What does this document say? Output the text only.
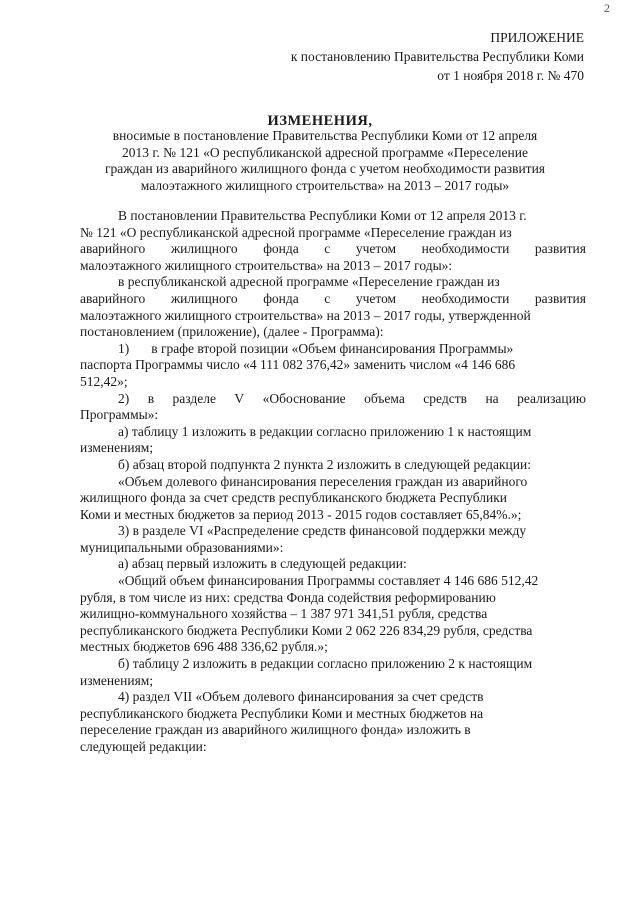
2
ПРИЛОЖЕНИЕ
к постановлению Правительства Республики Коми
от 1 ноября 2018 г. № 470
ИЗМЕНЕНИЯ,
вносимые в постановление Правительства Республики Коми от 12 апреля
2013 г. № 121 «О республиканской адресной программе «Переселение
граждан из аварийного жилищного фонда с учетом необходимости развития
малоэтажного жилищного строительства» на 2013 – 2017 годы»
В постановлении Правительства Республики Коми от 12 апреля 2013 г.
№ 121 «О республиканской адресной программе «Переселение граждан из
аварийного жилищного фонда с учетом необходимости развития
малоэтажного жилищного строительства» на 2013 – 2017 годы»:
в республиканской адресной программе «Переселение граждан из
аварийного жилищного фонда с учетом необходимости развития
малоэтажного жилищного строительства» на 2013 – 2017 годы, утвержденной
постановлением (приложение), (далее - Программа):
1) в графе второй позиции «Объем финансирования Программы»
паспорта Программы число «4 111 082 376,42» заменить числом «4 146 686
512,42»;
2) в разделе V «Обоснование объема средств на реализацию
Программы»:
а) таблицу 1 изложить в редакции согласно приложению 1 к настоящим
изменениям;
б) абзац второй подпункта 2 пункта 2 изложить в следующей редакции:
«Объем долевого финансирования переселения граждан из аварийного
жилищного фонда за счет средств республиканского бюджета Республики
Коми и местных бюджетов за период 2013 - 2015 годов составляет 65,84%.»;
3) в разделе VI «Распределение средств финансовой поддержки между
муниципальными образованиями»:
а) абзац первый изложить в следующей редакции:
«Общий объем финансирования Программы составляет 4 146 686 512,42
рубля, в том числе из них: средства Фонда содействия реформированию
жилищно-коммунального хозяйства – 1 387 971 341,51 рубля, средства
республиканского бюджета Республики Коми 2 062 226 834,29 рубля, средства
местных бюджетов 696 488 336,62 рубля.»;
б) таблицу 2 изложить в редакции согласно приложению 2 к настоящим
изменениям;
4) раздел VII «Объем долевого финансирования за счет средств
республиканского бюджета Республики Коми и местных бюджетов на
переселение граждан из аварийного жилищного фонда» изложить в
следующей редакции:
